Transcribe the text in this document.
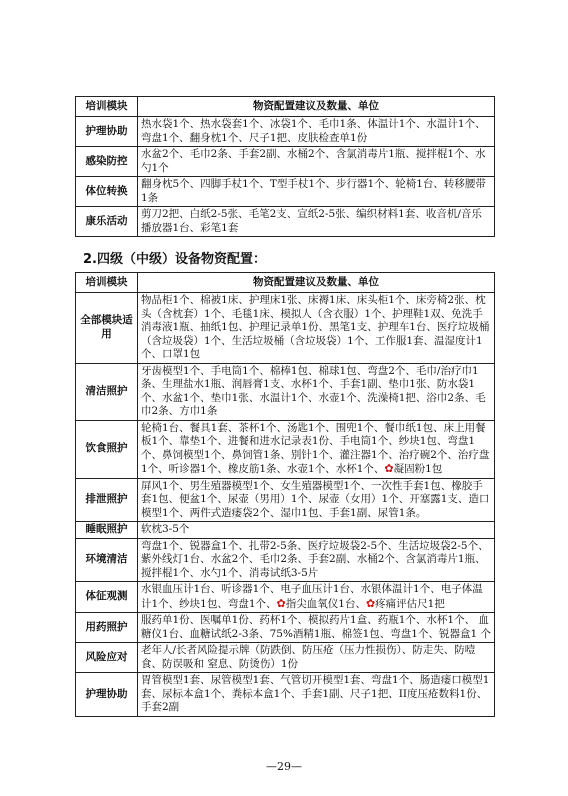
培训模块	物资配置建议及数量、单位
护理协助	热水袋1个、热水袋套1个、冰袋1个、毛巾1条、体温计1个、水温计1个、弯盘1个、翻身枕1个、尺子1把、皮肤检查单1份
感染防控	水盆2个、毛巾2条、手套2副、水桶2个、含氯消毒片1瓶、搅拌棍1个、水勺1个
体位转换	翻身枕5个、四脚手杖1个、T型手杖1个、步行器1个、轮椅1台、转移腰带1条
康乐活动	剪刀2把、白纸2-5张、毛笔2支、宣纸2-5张、编织材料1套、收音机/音乐播放器1台、彩笔1套
2.四级（中级）设备物资配置：
培训模块	物资配置建议及数量、单位
全部模块适用	物品柜1个、棉被1床、护理床1张、床褥1床、床头柜1个、床旁椅2张、枕头（含枕套）1个、毛毯1床、模拟人（含衣服）1个、护理鞋1双、免洗手消毒液1瓶、抽纸1包、护理记录单1份、黑笔1支、护理车1台、医疗垃圾桶（含垃圾袋）1个、生活垃圾桶（含垃圾袋）1个、工作服1套、温湿度计1个、口罩1包
清洁照护	牙齿模型1个、手电筒1个、棉棒1包、棉球1包、弯盘2个、毛巾/治疗巾1条、生理盐水1瓶、润唇膏1支、水杯1个、手套1副、垫巾1张、防水袋1个、水盆1个、垫巾1张、水温计1个、水壶1个、洗澡椅1把、浴巾2条、毛巾2条、方巾1条
饮食照护	轮椅1台、餐具1套、茶杯1个、汤匙1个、围兜1个、餐巾纸1包、床上用餐板1个、靠垫1个、进餐和进水记录表1份、手电筒1个、纱块1包、弯盘1个、鼻饲模型1个、鼻饲管1条、别针1个、灌注器1个、治疗碗2个、治疗盘1个、听诊器1个、橡皮筋1条、水壶1个、水杯1个、✿凝固粉1包
排泄照护	屏风1个、男生殖器模型1个、女生殖器模型1个、一次性手套1包、橡胶手套1包、便盆1个、尿壶（男用）1个、尿壶（女用）1个、开塞露1支、造口模型1个、两件式造瘘袋2个、湿巾1包、手套1副、尿管1条。
睡眠照护	软枕3-5个
环境清洁	弯盘1个、锐器盒1个、扎带2-5条、医疗垃圾袋2-5个、生活垃圾袋2-5个、紫外线灯1台、水盆2个、毛巾2条、手套2副、水桶2个、含氯消毒片1瓶、搅拌棍1个、水勺1个、消毒试纸3-5片
体征观测	水银血压计1台、听诊器1个、电子血压计1台、水银体温计1个、电子体温计1个、纱块1包、弯盘1个、✿指尖血氧仪1台、✿疼痛评估尺1把
用药照护	服药单1份、医嘱单1份、药杯1个、模拟药片1盒、药瓶1个、水杯1个、 血糖仪1台、血糖试纸2-3条、75%酒精1瓶、棉签1包、弯盘1个、锐器盒1 个
风险应对	老年人/长者风险提示牌（防跌倒、防压疮（压力性损伤）、防走失、防噎食、防误吸和 窒息、防烫伤）1份
护理协助	胃管模型1套、尿管模型1套、气管切开模型1套、弯盘1个、肠造瘘口模型1套、尿标本盒1个、粪标本盒1个、手套1副、尺子1把、II度压疮数料1份、手套2副
—29—
